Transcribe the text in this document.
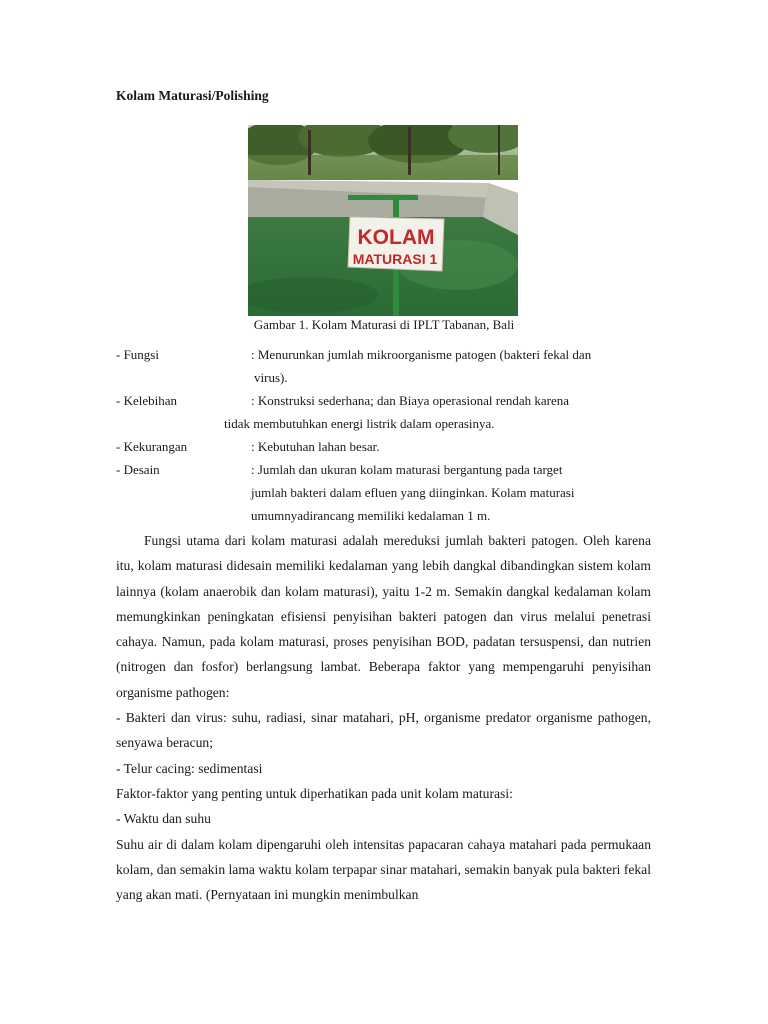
Kolam Maturasi/Polishing
KOLAM
MATURASI 1
Gambar 1. Kolam Maturasi di IPLT Tabanan, Bali
- Fungsi	: Menurunkan jumlah mikroorganisme patogen (bakteri fekal dan
virus).
- Kelebihan	: Konstruksi sederhana; dan Biaya operasional rendah karena
tidak membutuhkan energi listrik dalam operasinya.
- Kekurangan	: Kebutuhan lahan besar.
- Desain	: Jumlah dan ukuran kolam maturasi bergantung pada target
jumlah bakteri dalam efluen yang diinginkan. Kolam maturasi
umumnyadirancang memiliki kedalaman 1 m.

Fungsi utama dari kolam maturasi adalah mereduksi jumlah bakteri patogen. Oleh karena itu, kolam maturasi didesain memiliki kedalaman yang lebih dangkal dibandingkan sistem kolam lainnya (kolam anaerobik dan kolam maturasi), yaitu 1-2 m. Semakin dangkal kedalaman kolam memungkinkan peningkatan efisiensi penyisihan bakteri patogen dan virus melalui penetrasi cahaya. Namun, pada kolam maturasi, proses penyisihan BOD, padatan tersuspensi, dan nutrien (nitrogen dan fosfor) berlangsung lambat. Beberapa faktor yang mempengaruhi penyisihan organisme pathogen:

- Bakteri dan virus: suhu, radiasi, sinar matahari, pH, organisme predator organisme pathogen, senyawa beracun;

- Telur cacing: sedimentasi

Faktor-faktor yang penting untuk diperhatikan pada unit kolam maturasi:

- Waktu dan suhu

Suhu air di dalam kolam dipengaruhi oleh intensitas papacaran cahaya matahari pada permukaan kolam, dan semakin lama waktu kolam terpapar sinar matahari, semakin banyak pula bakteri fekal yang akan mati. (Pernyataan ini mungkin menimbulkan
